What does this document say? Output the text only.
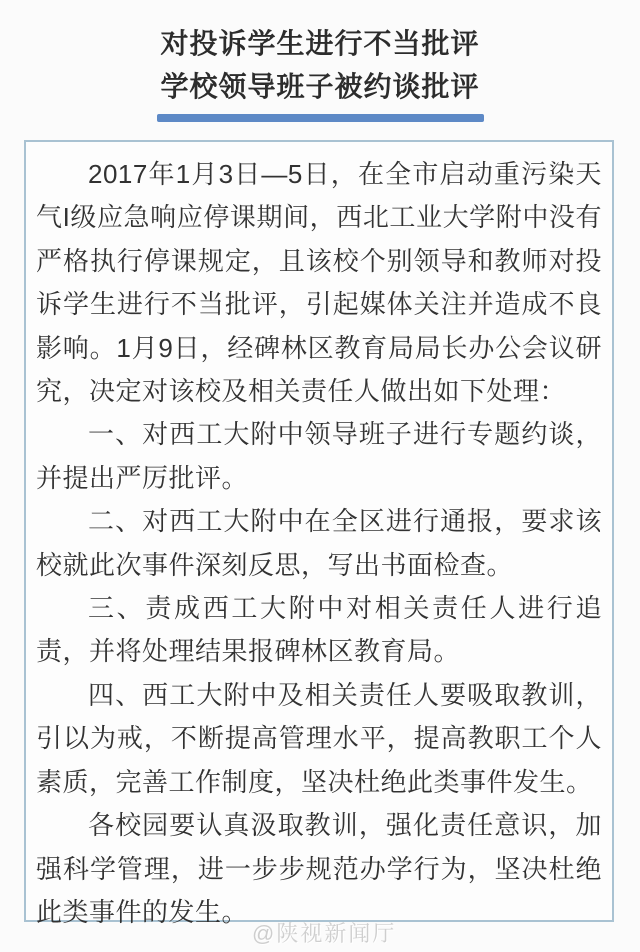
对投诉学生进行不当批评
学校领导班子被约谈批评

2017年1月3日—5日，在全市启动重污染天气I级应急响应停课期间，西北工业大学附中没有严格执行停课规定，且该校个别领导和教师对投诉学生进行不当批评，引起媒体关注并造成不良影响。1月9日，经碑林区教育局局长办公会议研究，决定对该校及相关责任人做出如下处理：

一、对西工大附中领导班子进行专题约谈，并提出严厉批评。

二、对西工大附中在全区进行通报，要求该校就此次事件深刻反思，写出书面检查。

三、责成西工大附中对相关责任人进行追责，并将处理结果报碑林区教育局。

四、西工大附中及相关责任人要吸取教训，引以为戒，不断提高管理水平，提高教职工个人素质，完善工作制度，坚决杜绝此类事件发生。

各校园要认真汲取教训，强化责任意识，加强科学管理，进一步步规范办学行为，坚决杜绝此类事件的发生。

@陕视新闻厅
